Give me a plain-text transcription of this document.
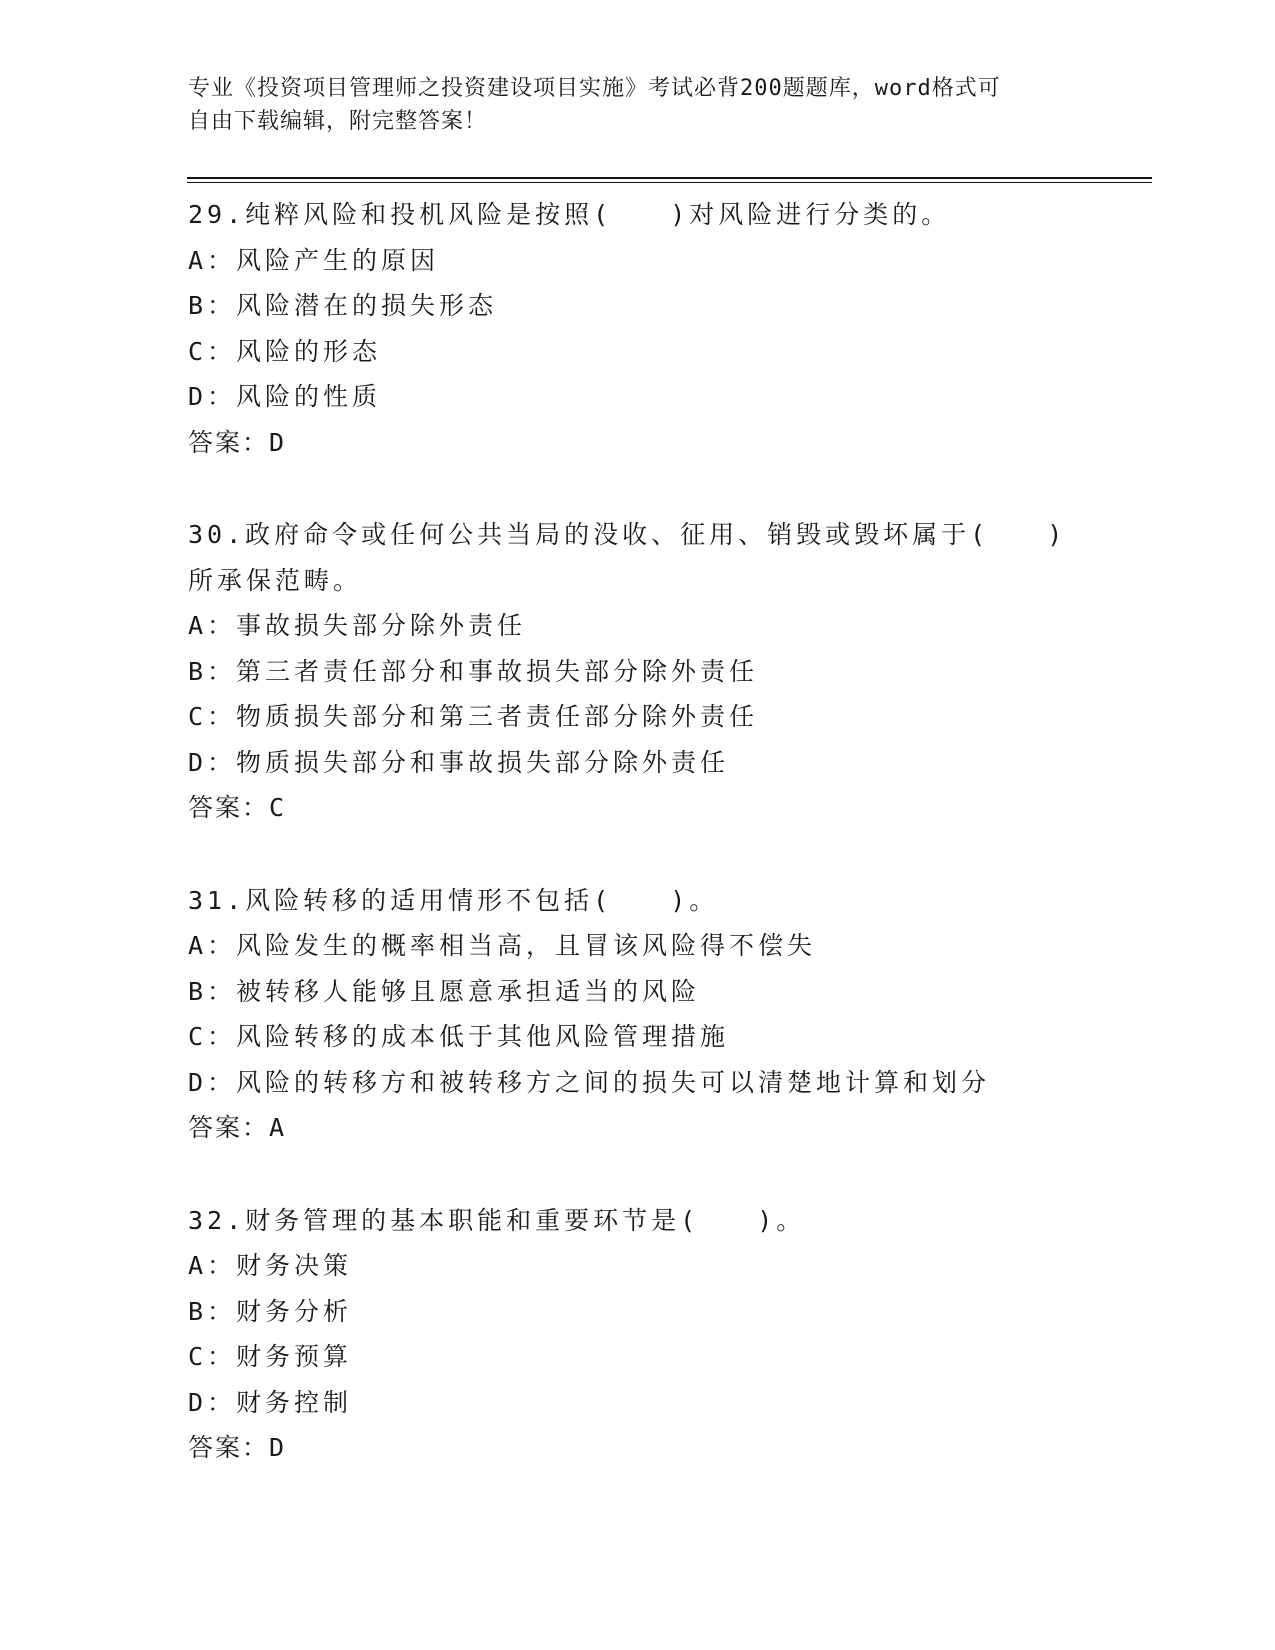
专业《投资项目管理师之投资建设项目实施》考试必背200题题库，word格式可
自由下载编辑，附完整答案！
29.纯粹风险和投机风险是按照(　　)对风险进行分类的。
A：风险产生的原因
B：风险潜在的损失形态
C：风险的形态
D：风险的性质
答案：D
30.政府命令或任何公共当局的没收、征用、销毁或毁坏属于(　　)所承保范畴。
A：事故损失部分除外责任
B：第三者责任部分和事故损失部分除外责任
C：物质损失部分和第三者责任部分除外责任
D：物质损失部分和事故损失部分除外责任
答案：C
31.风险转移的适用情形不包括(　　)。
A：风险发生的概率相当高，且冒该风险得不偿失
B：被转移人能够且愿意承担适当的风险
C：风险转移的成本低于其他风险管理措施
D：风险的转移方和被转移方之间的损失可以清楚地计算和划分
答案：A
32.财务管理的基本职能和重要环节是(　　)。
A：财务决策
B：财务分析
C：财务预算
D：财务控制
答案：D
